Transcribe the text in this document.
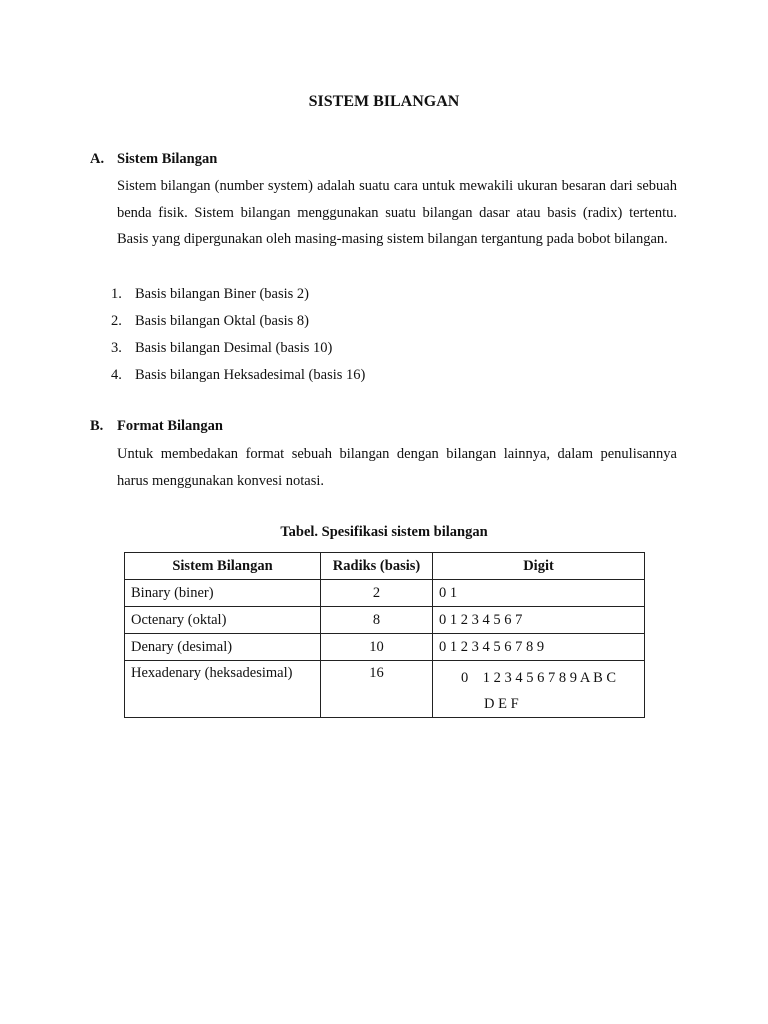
SISTEM BILANGAN
A. Sistem Bilangan

Sistem bilangan (number system) adalah suatu cara untuk mewakili ukuran besaran dari sebuah benda fisik. Sistem bilangan menggunakan suatu bilangan dasar atau basis (radix) tertentu. Basis yang dipergunakan oleh masing-masing sistem bilangan tergantung pada bobot bilangan.

1. Basis bilangan Biner (basis 2)
2. Basis bilangan Oktal (basis 8)
3. Basis bilangan Desimal (basis 10)
4. Basis bilangan Heksadesimal (basis 16)
B. Format Bilangan

Untuk membedakan format sebuah bilangan dengan bilangan lainnya, dalam penulisannya harus menggunakan konvesi notasi.

Tabel. Spesifikasi sistem bilangan
Sistem Bilangan	Radiks (basis)	Digit
Binary (biner)	2	0 1
Octenary (oktal)	8	0 1 2 3 4 5 6 7
Denary (desimal)	10	0 1 2 3 4 5 6 7 8 9
Hexadenary (heksadesimal)	16	0    1 2 3 4 5 6 7 8 9 A B C
D E F
